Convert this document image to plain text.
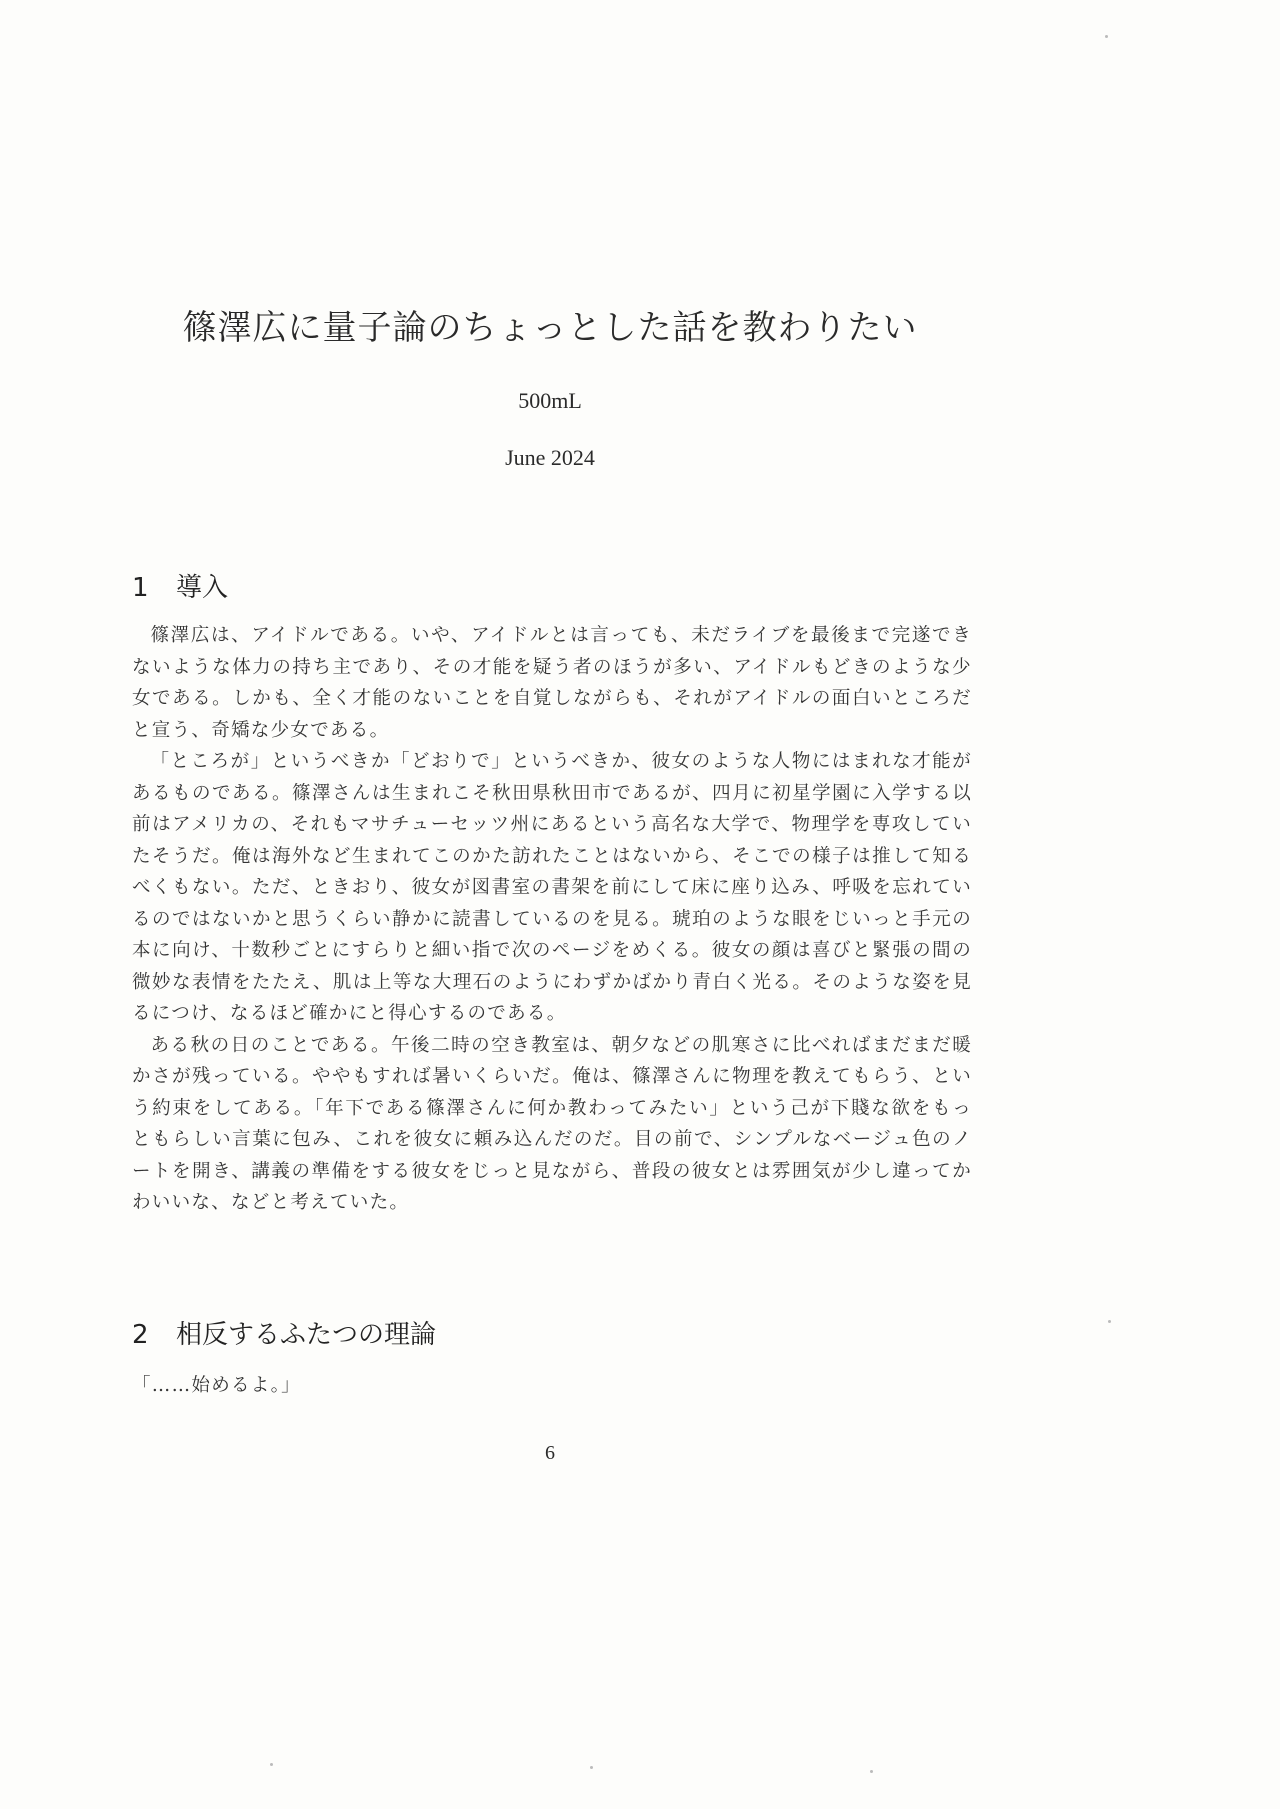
篠澤広に量子論のちょっとした話を教わりたい
500mL
June 2024
1 導入

篠澤広は、アイドルである。いや、アイドルとは言っても、未だライブを最後まで完遂できないような体力の持ち主であり、その才能を疑う者のほうが多い、アイドルもどきのような少女である。しかも、全く才能のないことを自覚しながらも、それがアイドルの面白いところだと宣う、奇矯な少女である。

「ところが」というべきか「どおりで」というべきか、彼女のような人物にはまれな才能があるものである。篠澤さんは生まれこそ秋田県秋田市であるが、四月に初星学園に入学する以前はアメリカの、それもマサチューセッツ州にあるという高名な大学で、物理学を専攻していたそうだ。俺は海外など生まれてこのかた訪れたことはないから、そこでの様子は推して知るべくもない。ただ、ときおり、彼女が図書室の書架を前にして床に座り込み、呼吸を忘れているのではないかと思うくらい静かに読書しているのを見る。琥珀のような眼をじいっと手元の本に向け、十数秒ごとにすらりと細い指で次のページをめくる。彼女の顔は喜びと緊張の間の微妙な表情をたたえ、肌は上等な大理石のようにわずかばかり青白く光る。そのような姿を見るにつけ、なるほど確かにと得心するのである。

ある秋の日のことである。午後二時の空き教室は、朝夕などの肌寒さに比べればまだまだ暖かさが残っている。ややもすれば暑いくらいだ。俺は、篠澤さんに物理を教えてもらう、という約束をしてある。「年下である篠澤さんに何か教わってみたい」という己が下賤な欲をもっともらしい言葉に包み、これを彼女に頼み込んだのだ。目の前で、シンプルなベージュ色のノートを開き、講義の準備をする彼女をじっと見ながら、普段の彼女とは雰囲気が少し違ってかわいいな、などと考えていた。

2 相反するふたつの理論

「……始めるよ。」

6
